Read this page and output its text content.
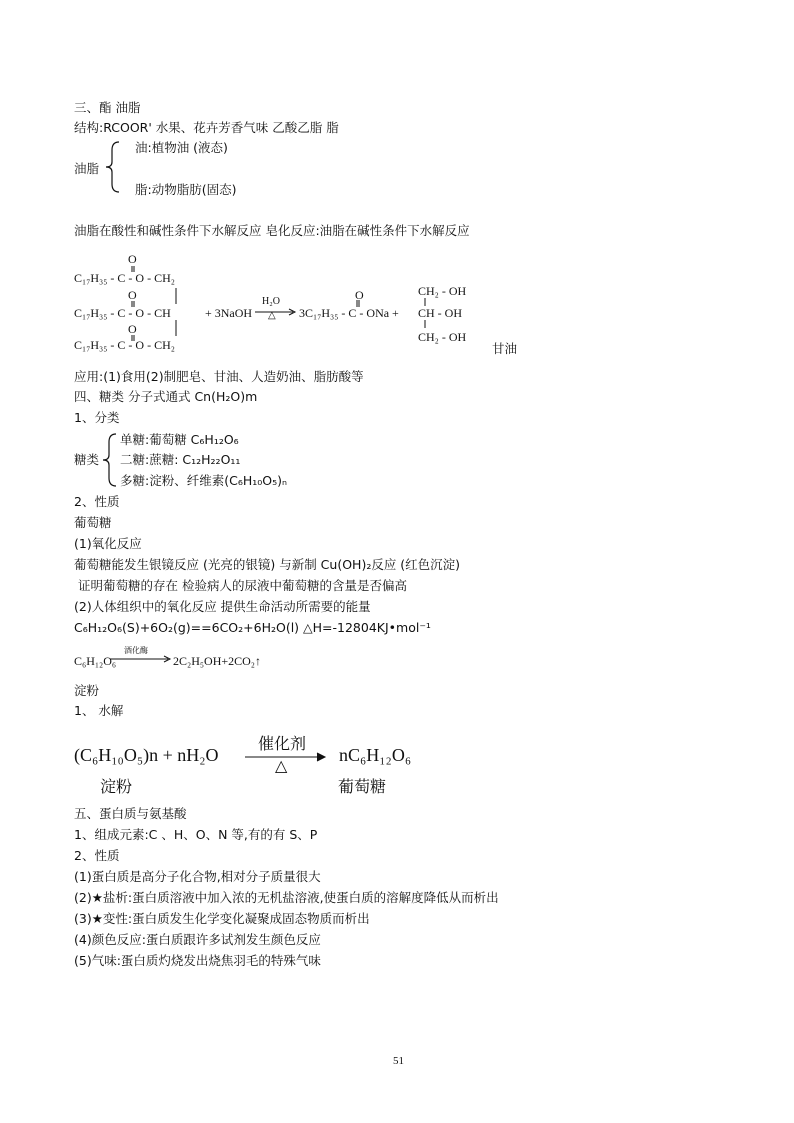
三、酯 油脂
结构:RCOOR' 水果、花卉芳香气味 乙酸乙脂 脂
油脂
油:植物油 (液态)
脂:动物脂肪(固态)
油脂在酸性和碱性条件下水解反应 皂化反应:油脂在碱性条件下水解反应
O
C₁₇H₃₅ - C - O - CH₂
O
C₁₇H₃₅ - C - O - CH
O
C₁₇H₃₅ - C - O - CH₂
+ 3NaOH
H₂O
△
O
3C₁₇H₃₅ - C - ONa +
CH₂ - OH
CH - OH
CH₂ - OH
甘油
应用:(1)食用(2)制肥皂、甘油、人造奶油、脂肪酸等
四、糖类 分子式通式 Cn(H₂O)m
1、分类
糖类
单糖:葡萄糖 C₆H₁₂O₆
二糖:蔗糖: C₁₂H₂₂O₁₁
多糖:淀粉、纤维素(C₆H₁₀O₅)ₙ
2、性质
葡萄糖
(1)氧化反应
葡萄糖能发生银镜反应 (光亮的银镜) 与新制 Cu(OH)₂反应 (红色沉淀)
证明葡萄糖的存在 检验病人的尿液中葡萄糖的含量是否偏高
(2)人体组织中的氧化反应 提供生命活动所需要的能量
C₆H₁₂O₆(S)+6O₂(g)==6CO₂+6H₂O(l) △H=-12804KJ•mol⁻¹
C₆H₁₂O₆
酒化酶
2C₂H₅OH+2CO₂↑
淀粉
1、 水解
(C₆H₁₀O₅)n + nH₂O
催化剂
△
nC₆H₁₂O₆
淀粉	葡萄糖
五、蛋白质与氨基酸
1、组成元素:C 、H、O、N 等,有的有 S、P
2、性质
(1)蛋白质是高分子化合物,相对分子质量很大
(2)★盐析:蛋白质溶液中加入浓的无机盐溶液,使蛋白质的溶解度降低从而析出
(3)★变性:蛋白质发生化学变化凝聚成固态物质而析出
(4)颜色反应:蛋白质跟许多试剂发生颜色反应
(5)气味:蛋白质灼烧发出烧焦羽毛的特殊气味
51
